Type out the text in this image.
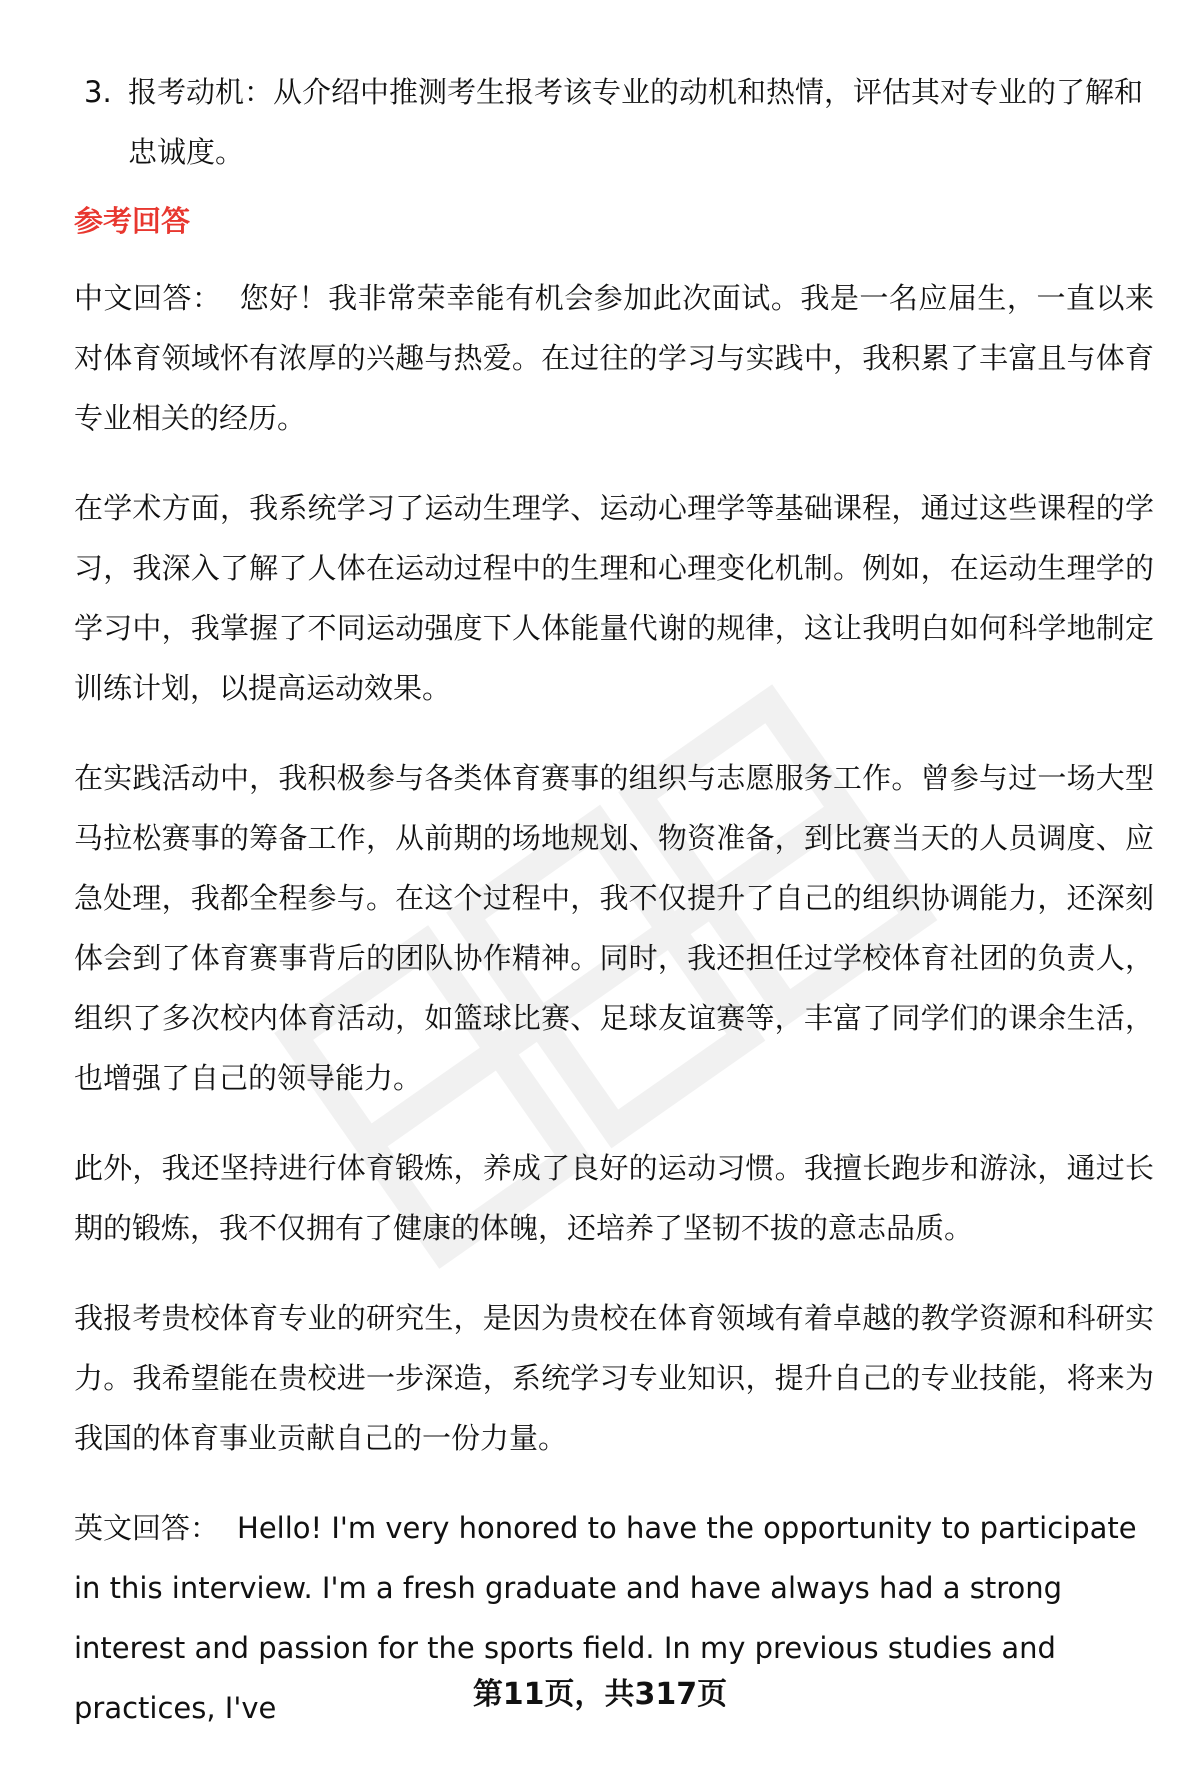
3. 报考动机：从介绍中推测考生报考该专业的动机和热情，评估其对专业的了解和忠诚度。
参考回答

中文回答： 您好！我非常荣幸能有机会参加此次面试。我是一名应届生，一直以来对体育领域怀有浓厚的兴趣与热爱。在过往的学习与实践中，我积累了丰富且与体育专业相关的经历。

在学术方面，我系统学习了运动生理学、运动心理学等基础课程，通过这些课程的学习，我深入了解了人体在运动过程中的生理和心理变化机制。例如，在运动生理学的学习中，我掌握了不同运动强度下人体能量代谢的规律，这让我明白如何科学地制定训练计划，以提高运动效果。

在实践活动中，我积极参与各类体育赛事的组织与志愿服务工作。曾参与过一场大型马拉松赛事的筹备工作，从前期的场地规划、物资准备，到比赛当天的人员调度、应急处理，我都全程参与。在这个过程中，我不仅提升了自己的组织协调能力，还深刻体会到了体育赛事背后的团队协作精神。同时，我还担任过学校体育社团的负责人，组织了多次校内体育活动，如篮球比赛、足球友谊赛等，丰富了同学们的课余生活，也增强了自己的领导能力。

此外，我还坚持进行体育锻炼，养成了良好的运动习惯。我擅长跑步和游泳，通过长期的锻炼，我不仅拥有了健康的体魄，还培养了坚韧不拔的意志品质。

我报考贵校体育专业的研究生，是因为贵校在体育领域有着卓越的教学资源和科研实力。我希望能在贵校进一步深造，系统学习专业知识，提升自己的专业技能，将来为我国的体育事业贡献自己的一份力量。

英文回答： Hello! I'm very honored to have the opportunity to participate in this interview. I'm a fresh graduate and have always had a strong interest and passion for the sports field. In my previous studies and practices, I've	第11页，共317页
